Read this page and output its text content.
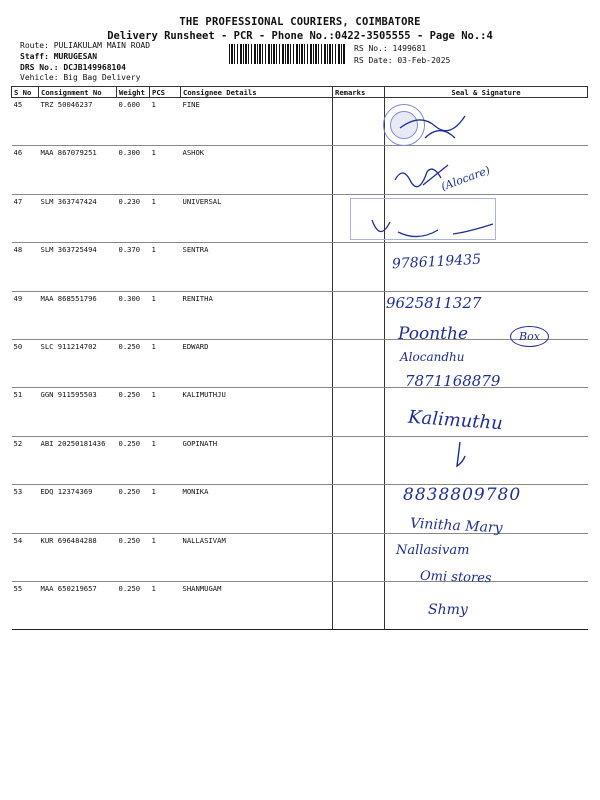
THE PROFESSIONAL COURIERS, COIMBATORE
Delivery Runsheet - PCR - Phone No.:0422-3505555 - Page No.:4
Route: PULIAKULAM MAIN ROAD
Staff: MURUGESAN
DRS No.: DCJB149968104
Vehicle: Big Bag Delivery
RS No.: 1499681
RS Date: 03-Feb-2025
S No	Consignment No	Weight	PCS	Consignee Details	Remarks	Seal & Signature
45	TRZ 50046237	0.600	1	FINE		
46	MAA 867079251	0.300	1	ASHOK		
47	SLM 363747424	0.230	1	UNIVERSAL		
48	SLM 363725494	0.370	1	SENTRA		
49	MAA 868551796	0.300	1	RENITHA		
50	SLC 911214702	0.250	1	EDWARD		
51	GGN 911595503	0.250	1	KALIMUTHJU		
52	ABI 20250181436	0.250	1	GOPINATH		
53	EDQ 12374369	0.250	1	MONIKA		
54	KUR 696484288	0.250	1	NALLASIVAM		
55	MAA 650219657	0.250	1	SHANMUGAM		
(Alocare)
9786119435
9625811327
Poonthe	Box
Alocandhu
7871168879
Kalimuthu
8838809780
Vinitha Mary
Nallasivam
Omi stores
Shmy
